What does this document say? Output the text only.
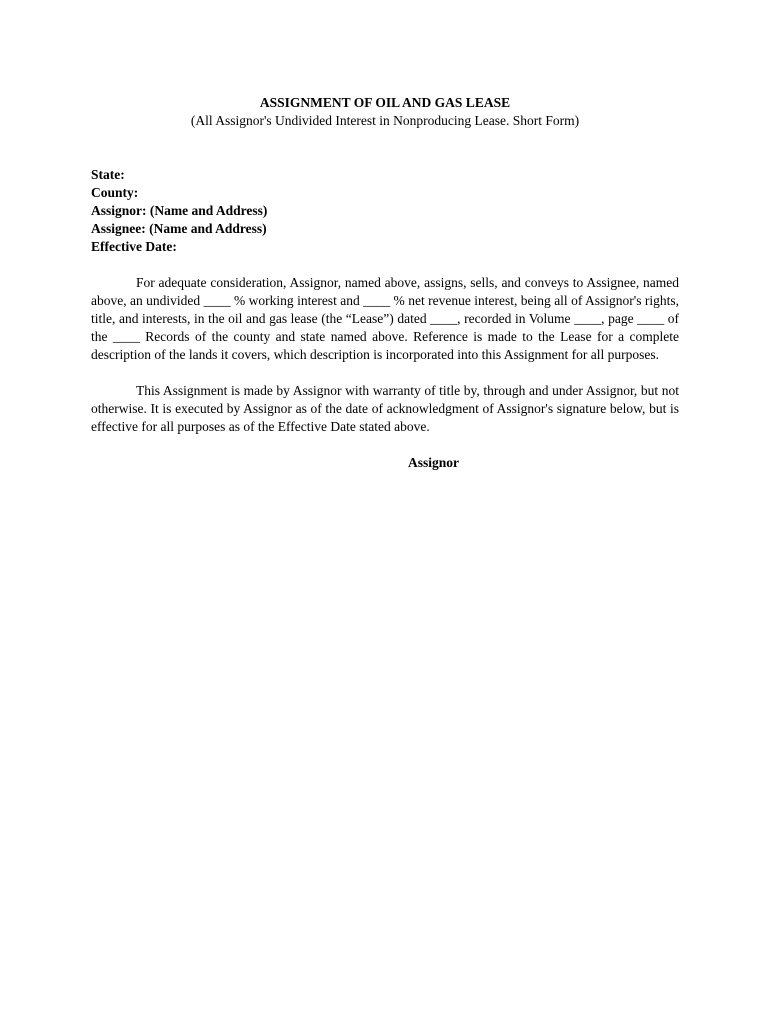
ASSIGNMENT OF OIL AND GAS LEASE

(All Assignor's Undivided Interest in Nonproducing Lease. Short Form)

State:
County:
Assignor: (Name and Address)
Assignee: (Name and Address)
Effective Date:

For adequate consideration, Assignor, named above, assigns, sells, and conveys to Assignee, named above, an undivided ____ % working interest and ____ % net revenue interest, being all of Assignor's rights, title, and interests, in the oil and gas lease (the “Lease”) dated ____, recorded in Volume ____, page ____ of the ____ Records of the county and state named above. Reference is made to the Lease for a complete description of the lands it covers, which description is incorporated into this Assignment for all purposes.

This Assignment is made by Assignor with warranty of title by, through and under Assignor, but not otherwise. It is executed by Assignor as of the date of acknowledgment of Assignor's signature below, but is effective for all purposes as of the Effective Date stated above.

Assignor
